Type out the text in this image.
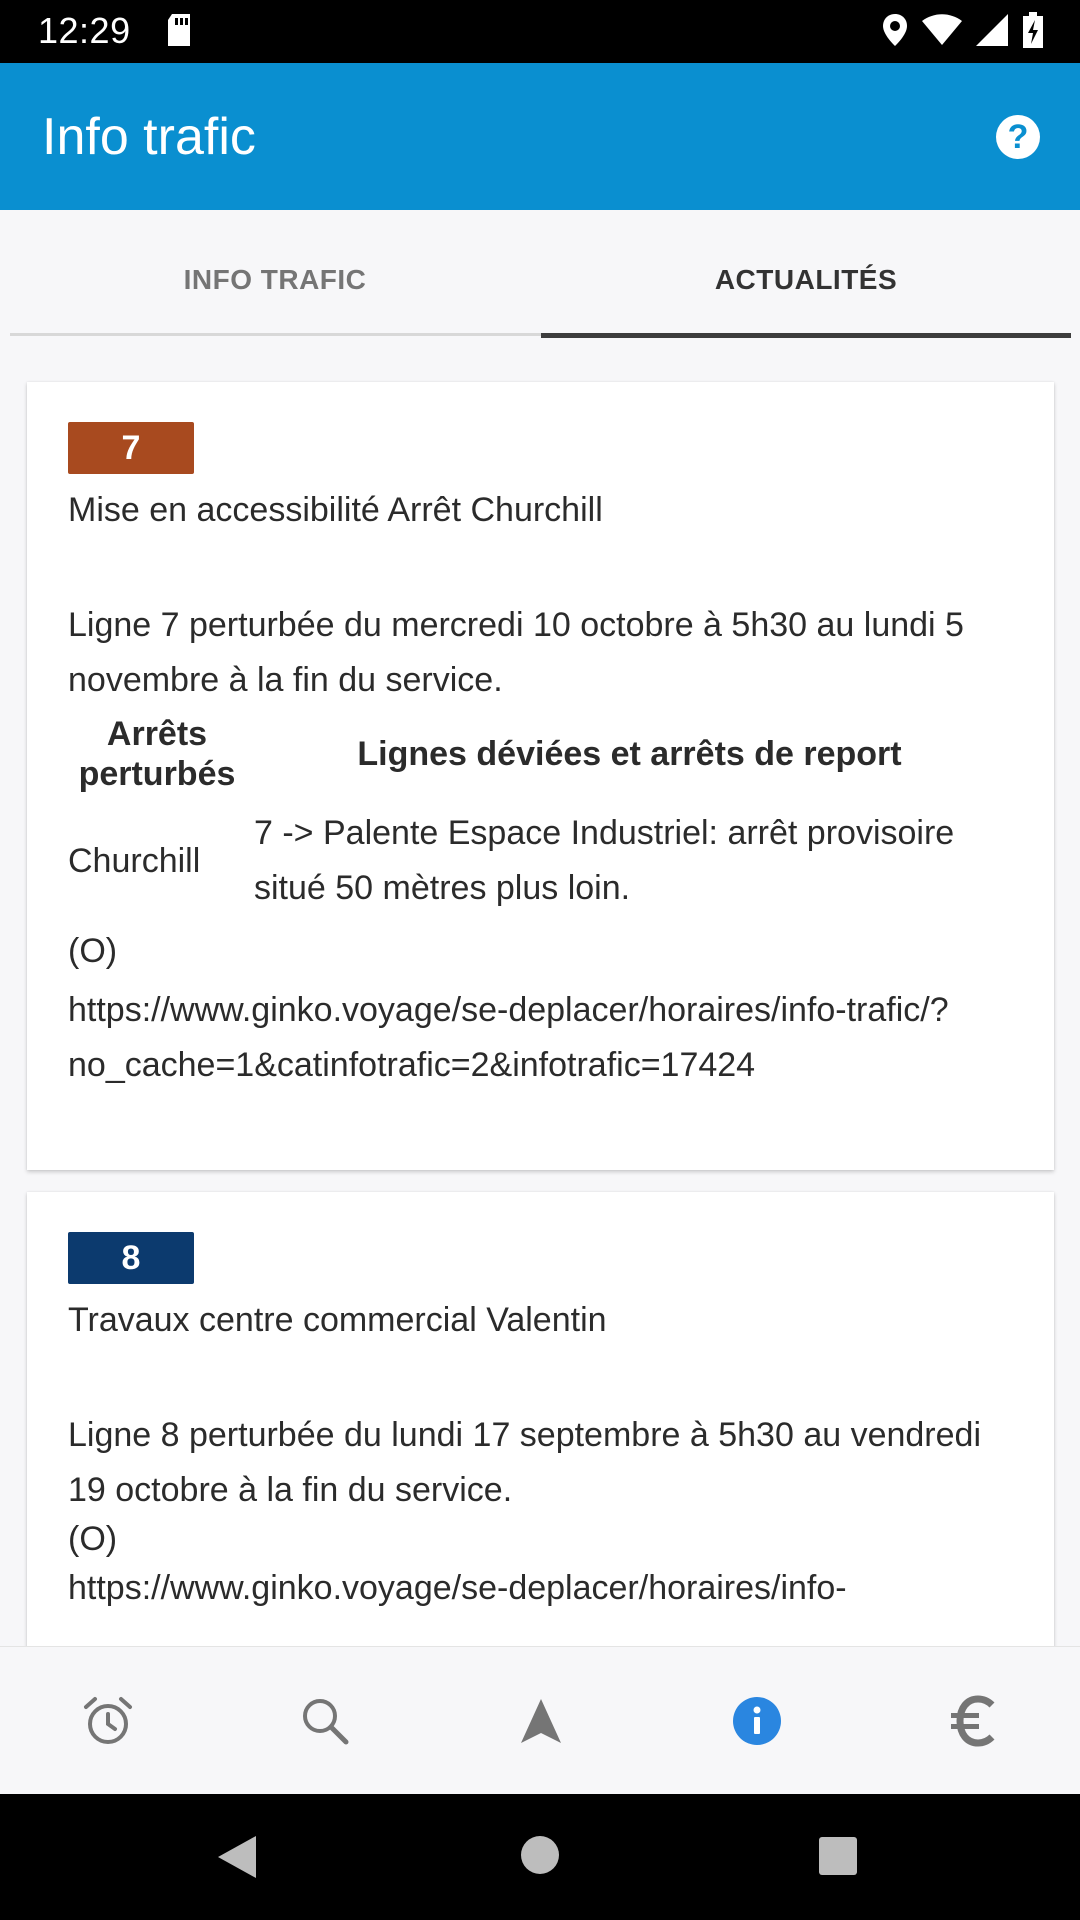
12:29
Info trafic	?
INFO TRAFIC	ACTUALITÉS
7
Mise en accessibilité Arrêt Churchill
Ligne 7 perturbée du mercredi 10 octobre à 5h30 au lundi 5 novembre à la fin du service.
Arrêts perturbés	Lignes déviées et arrêts de report
Churchill	7 -> Palente Espace Industriel: arrêt provisoire situé 50 mètres plus loin.
(O)
https://www.ginko.voyage/se-deplacer/horaires/info-trafic/?no_cache=1&catinfotrafic=2&infotrafic=17424
8
Travaux centre commercial Valentin
Ligne 8 perturbée du lundi 17 septembre à 5h30 au vendredi 19 octobre à la fin du service.
(O)
https://www.ginko.voyage/se-deplacer/horaires/info-
